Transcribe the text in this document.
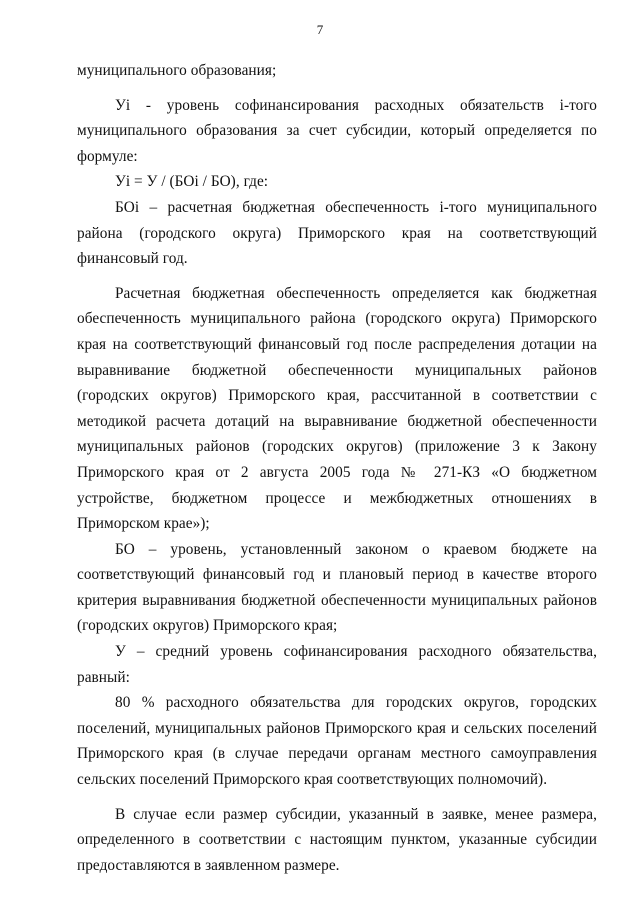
7

муниципального образования;

Уi - уровень софинансирования расходных обязательств i-того муниципального образования за счет субсидии, который определяется по формуле:

Уi = У / (БОi / БО), где:

БОi – расчетная бюджетная обеспеченность i-того муниципального района (городского округа) Приморского края на соответствующий финансовый год.

Расчетная бюджетная обеспеченность определяется как бюджетная обеспеченность муниципального района (городского округа) Приморского края на соответствующий финансовый год после распределения дотации на выравнивание бюджетной обеспеченности муниципальных районов (городских округов) Приморского края, рассчитанной в соответствии с методикой расчета дотаций на выравнивание бюджетной обеспеченности муниципальных районов (городских округов) (приложение 3 к Закону Приморского края от 2 августа 2005 года № 271-КЗ «О бюджетном устройстве, бюджетном процессе и межбюджетных отношениях в Приморском крае»);

БО – уровень, установленный законом о краевом бюджете на соответствующий финансовый год и плановый период в качестве второго критерия выравнивания бюджетной обеспеченности муниципальных районов (городских округов) Приморского края;

У – средний уровень софинансирования расходного обязательства, равный:

80 % расходного обязательства для городских округов, городских поселений, муниципальных районов Приморского края и сельских поселений Приморского края (в случае передачи органам местного самоуправления сельских поселений Приморского края соответствующих полномочий).

В случае если размер субсидии, указанный в заявке, менее размера, определенного в соответствии с настоящим пунктом, указанные субсидии предоставляются в заявленном размере.
